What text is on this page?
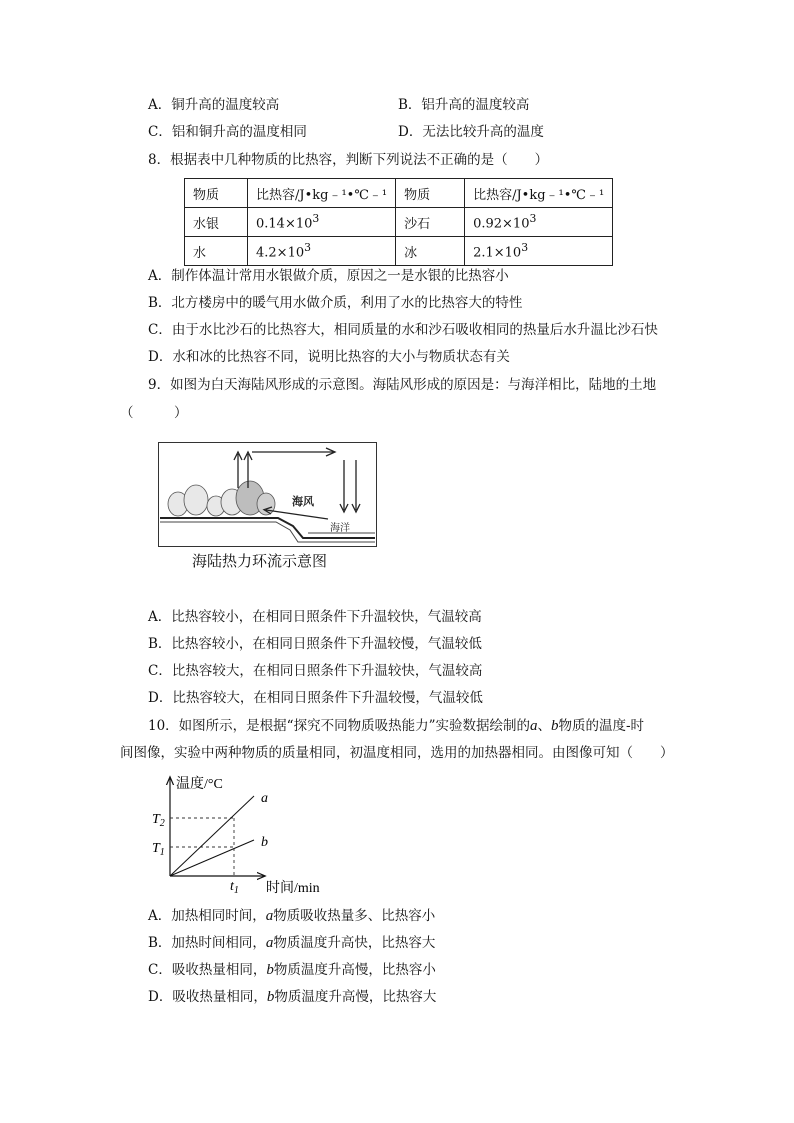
A．铜升高的温度较高	B．铝升高的温度较高
C．铝和铜升高的温度相同	D．无法比较升高的温度
8．根据表中几种物质的比热容，判断下列说法不正确的是（　　）
物质	比热容/J•kg﹣¹•℃﹣¹	物质	比热容/J•kg﹣¹•℃﹣¹
水银	$0.14\times 10^3$	沙石	$0.92\times 10^3$
水	$4.2\times 10^3$	冰	$2.1\times 10^3$
A．制作体温计常用水银做介质，原因之一是水银的比热容小
B．北方楼房中的暖气用水做介质，利用了水的比热容大的特性
C．由于水比沙石的比热容大，相同质量的水和沙石吸收相同的热量后水升温比沙石快
D．水和冰的比热容不同，说明比热容的大小与物质状态有关
9．如图为白天海陆风形成的示意图。海陆风形成的原因是：与海洋相比，陆地的土地
（　　　）
海风
海洋
海陆热力环流示意图
A．比热容较小，在相同日照条件下升温较快，气温较高
B．比热容较小，在相同日照条件下升温较慢，气温较低
C．比热容较大，在相同日照条件下升温较快，气温较高
D．比热容较大，在相同日照条件下升温较慢，气温较低
10．如图所示，是根据“探究不同物质吸热能力”实验数据绘制的a、b物质的温度-时
间图像，实验中两种物质的质量相同，初温度相同，选用的加热器相同。由图像可知（　　）
温度/°C
时间/min
a
b
$T_2$
$T_1$
$t_1$
A．加热相同时间，a物质吸收热量多、比热容小
B．加热时间相同，a物质温度升高快，比热容大
C．吸收热量相同，b物质温度升高慢，比热容小
D．吸收热量相同，b物质温度升高慢，比热容大
